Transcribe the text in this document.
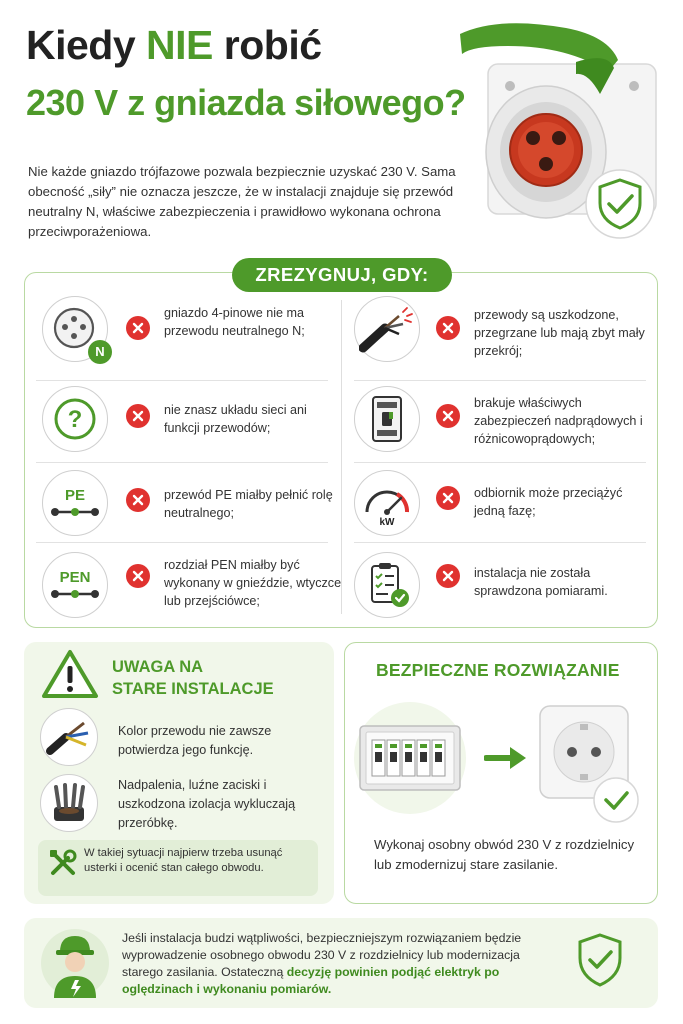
Kiedy NIE robić
230 V z gniazda siłowego?
Nie każde gniazdo trójfazowe pozwala bezpiecznie uzyskać 230 V. Sama obecność „siły” nie oznacza jeszcze, że w instalacji znajduje się przewód neutralny N, właściwe zabezpieczenia i prawidłowo wykonana ochrona przeciwporażeniowa.
ZREZYGNUJ, GDY:
N
gniazdo 4-pinowe nie ma przewodu neutralnego N;
?	nie znasz układu sieci ani funkcji przewodów;
PE	przewód PE miałby pełnić rolę neutralnego;
PEN
rozdział PEN miałby być wykonany w gnieździe, wtyczce lub przejściówce;
przewody są uszkodzone, przegrzane lub mają zbyt mały przekrój;
brakuje właściwych zabezpieczeń nadprądowych i różnicowoprądowych;
kW
odbiornik może przeciążyć jedną fazę;
instalacja nie została sprawdzona pomiarami.
UWAGA NA
STARE INSTALACJE
Kolor przewodu nie zawsze potwierdza jego funkcję.
Nadpalenia, luźne zaciski i uszkodzona izolacja wykluczają przeróbkę.
W takiej sytuacji najpierw trzeba usunąć usterki i ocenić stan całego obwodu.
BEZPIECZNE ROZWIĄZANIE
Wykonaj osobny obwód 230 V z rozdzielnicy lub zmodernizuj stare zasilanie.
Jeśli instalacja budzi wątpliwości, bezpieczniejszym rozwiązaniem będzie wyprowadzenie osobnego obwodu 230 V z rozdzielnicy lub modernizacja starego zasilania. Ostateczną decyzję powinien podjąć elektryk po oględzinach i wykonaniu pomiarów.
